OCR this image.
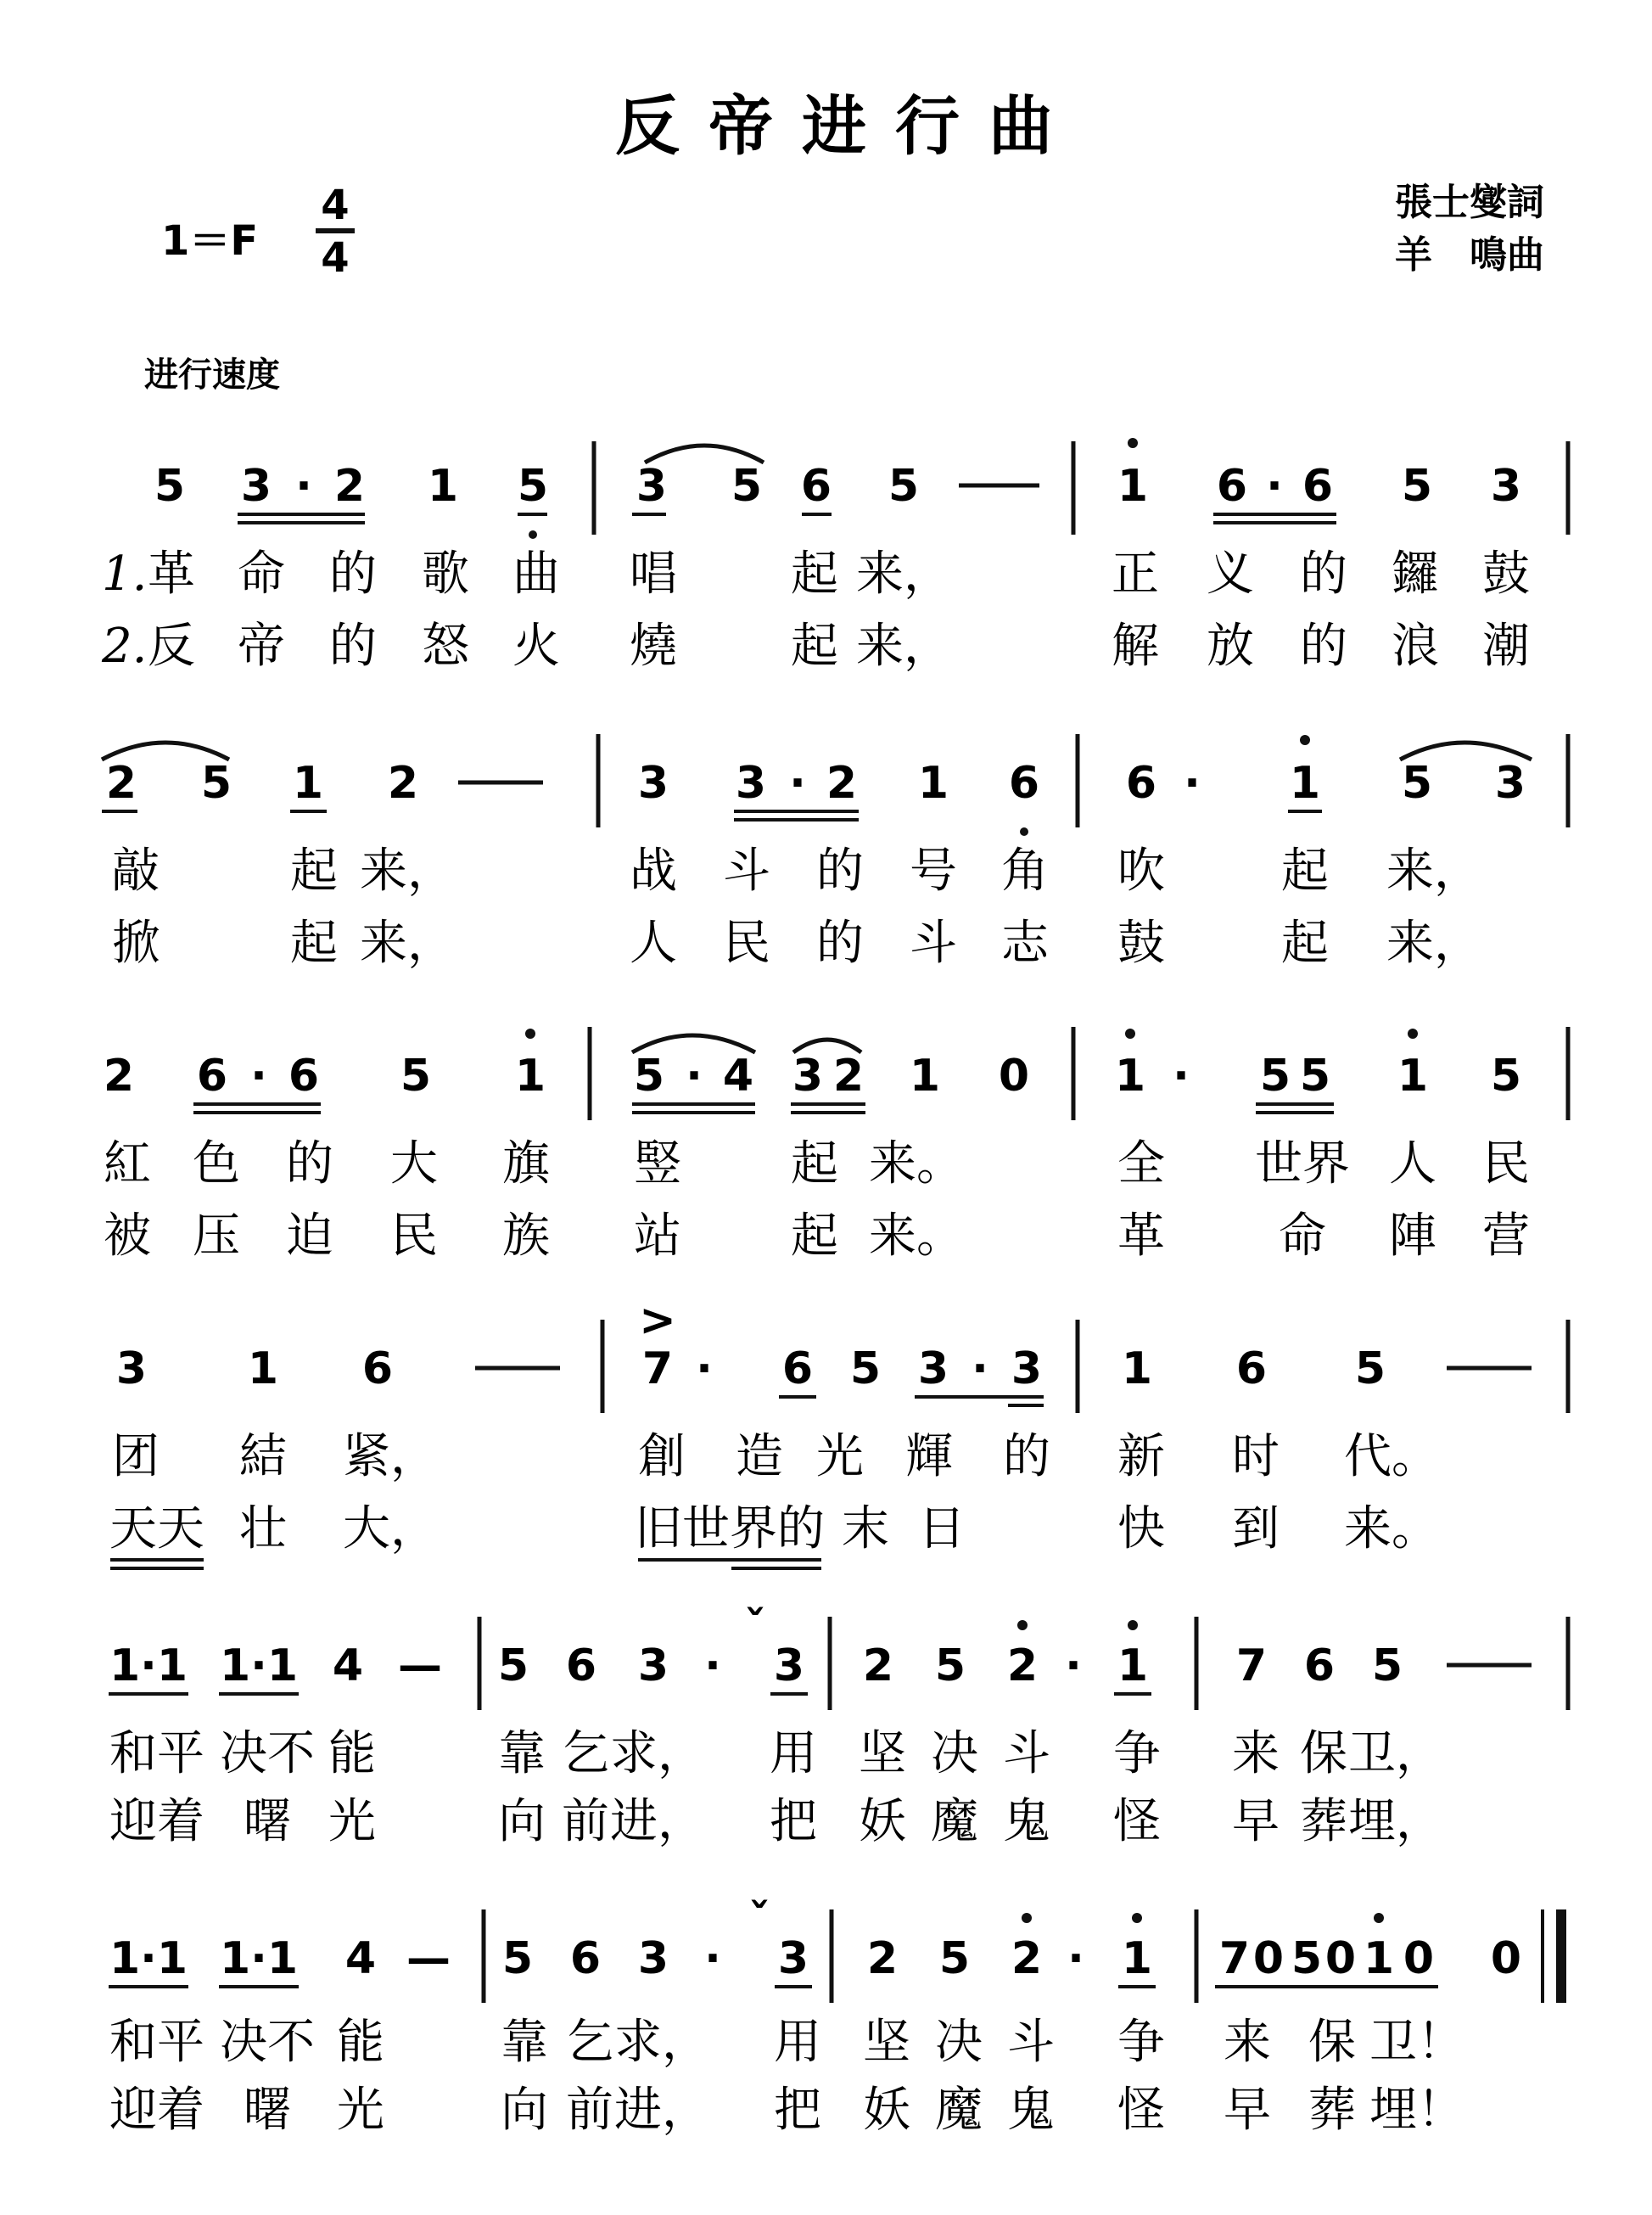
反帝进行曲
1＝F
4
4
張士燮詞
羊　鳴曲
进行速度
5 3 · 2 1 5 3 5 6 5	1 6 · 6 5 3
1. 革 命 的 歌 曲 唱 起 来，	正 义 的 鑼 鼓
2. 反 帝 的 怒 火 燒 起 来，	解 放 的 浪 潮
2 5 1 2	3 3 · 2 1 6 6 · 1 5 3
敲	起 来，	战 斗 的 号 角 吹 起 来，
掀	起 来，	人 民 的 斗 志 鼓 起 来，
2 6 · 6 5 1 5 · 4 3 2 1 0 1 · 5 5 1 5
紅 色 的 大 旗 竪 起 来。	全 世界 人 民
被 压 迫 民 族 站 起 来。	革 命 陣 营
3 1 6
>
7 · 6 5 3 · 3 1 6 5
团 結 紧，	創 造 光 輝 的 新 时 代。
天天 壮 大，	旧世界的 末 日	快 到 来。
1·1 1·1 4 — 5 6 3 ·
ˇ
3 2 5 2 · 1 7 6 5
和平 决不 能	靠 乞 求， 用 坚 决 斗 争 来 保 卫，
迎着 曙 光	向 前 进， 把 妖 魔 鬼 怪 早 葬 埋，
1·1 1·1 4 — 5 6 3 ·
ˇ
3 2 5 2 · 1 7 0 5 0 1 0 0
和平 决不 能 靠 乞 求， 用 坚 决 斗 争 来 保 卫！
迎着 曙 光 向 前 进， 把 妖 魔 鬼 怪 早 葬 埋！
